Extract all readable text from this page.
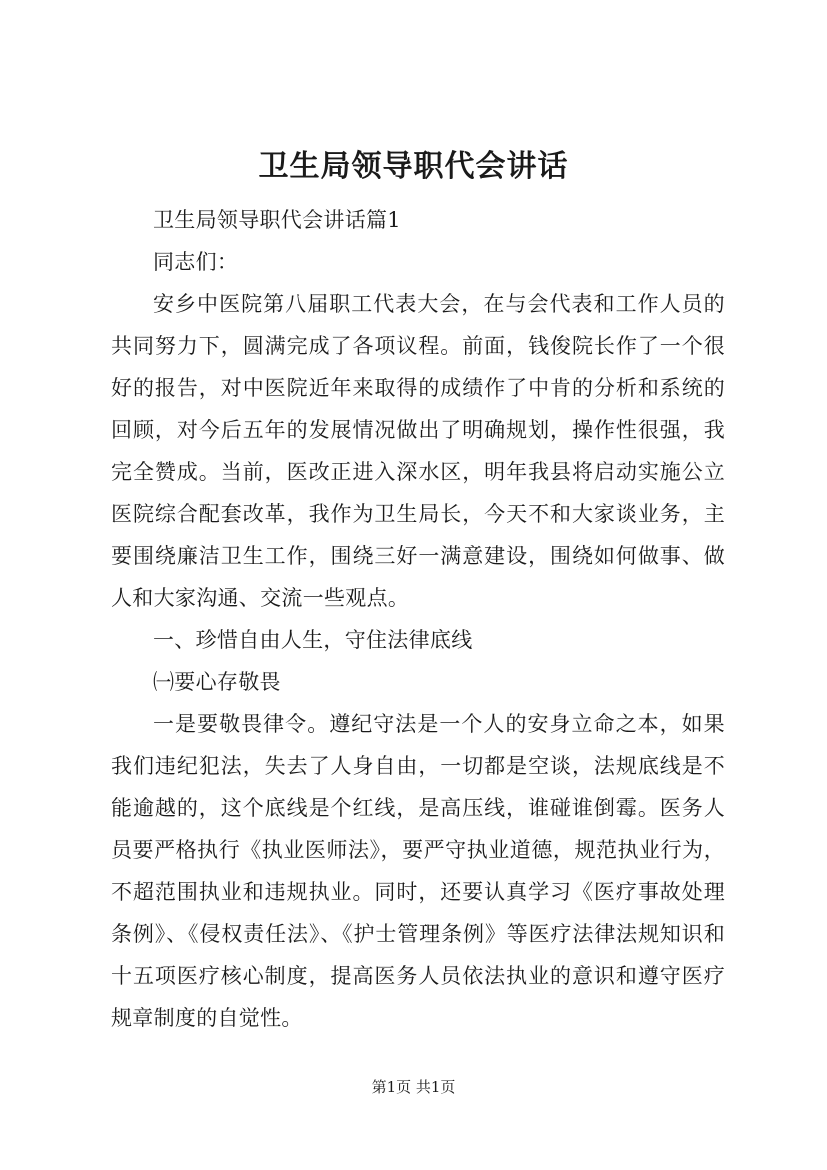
卫生局领导职代会讲话

卫生局领导职代会讲话篇1

同志们：

安乡中医院第八届职工代表大会，在与会代表和工作人员的共同努力下，圆满完成了各项议程。前面，钱俊院长作了一个很好的报告，对中医院近年来取得的成绩作了中肯的分析和系统的回顾，对今后五年的发展情况做出了明确规划，操作性很强，我完全赞成。当前，医改正进入深水区，明年我县将启动实施公立医院综合配套改革，我作为卫生局长，今天不和大家谈业务，主要围绕廉洁卫生工作，围绕三好一满意建设，围绕如何做事、做人和大家沟通、交流一些观点。

一、珍惜自由人生，守住法律底线

㈠要心存敬畏

一是要敬畏律令。遵纪守法是一个人的安身立命之本，如果我们违纪犯法，失去了人身自由，一切都是空谈，法规底线是不能逾越的，这个底线是个红线，是高压线，谁碰谁倒霉。医务人员要严格执行《执业医师法》，要严守执业道德，规范执业行为，不超范围执业和违规执业。同时，还要认真学习《医疗事故处理条例》、《侵权责任法》、《护士管理条例》等医疗法律法规知识和十五项医疗核心制度，提高医务人员依法执业的意识和遵守医疗规章制度的自觉性。

第1页 共1页
